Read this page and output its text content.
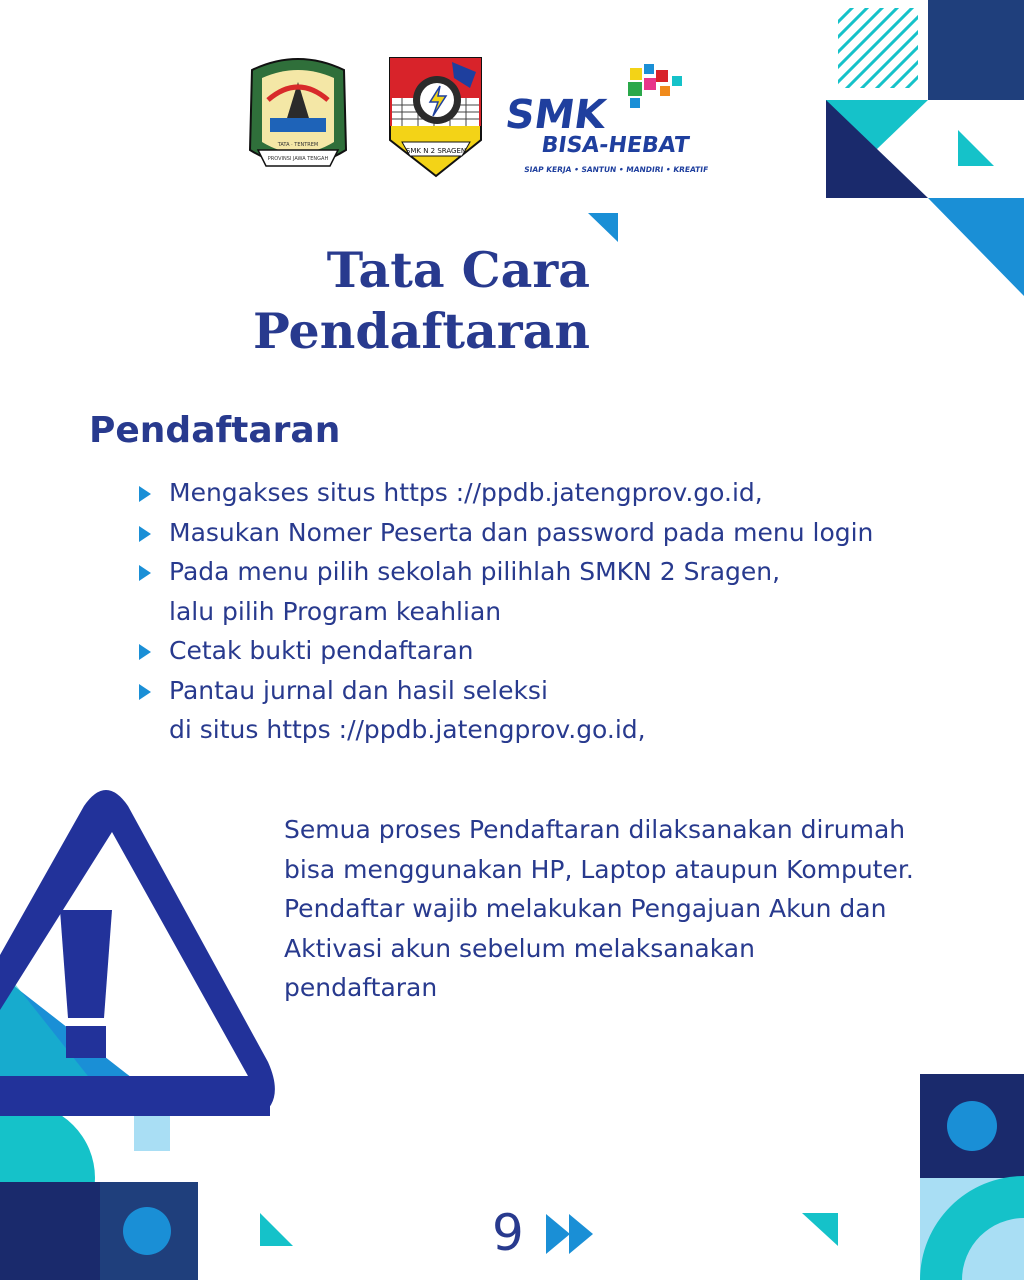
PROVINSI JAWA TENGAH
TATA · TENTREM
SMK N 2 SRAGEN
SMK
BISA-HEBAT
SIAP KERJA • SANTUN • MANDIRI • KREATIF
Tata Cara
Pendaftaran
Pendaftaran
Mengakses situs https ://ppdb.jatengprov.go.id,
Masukan Nomer Peserta dan password pada menu login
Pada menu pilih sekolah pilihlah SMKN 2 Sragen,
lalu pilih Program keahlian
Cetak bukti pendaftaran
Pantau jurnal dan hasil seleksi
di situs https ://ppdb.jatengprov.go.id,
Semua proses Pendaftaran dilaksanakan dirumah
bisa menggunakan HP, Laptop ataupun Komputer.
Pendaftar wajib melakukan Pengajuan Akun dan
Aktivasi akun sebelum melaksanakan
pendaftaran
9
